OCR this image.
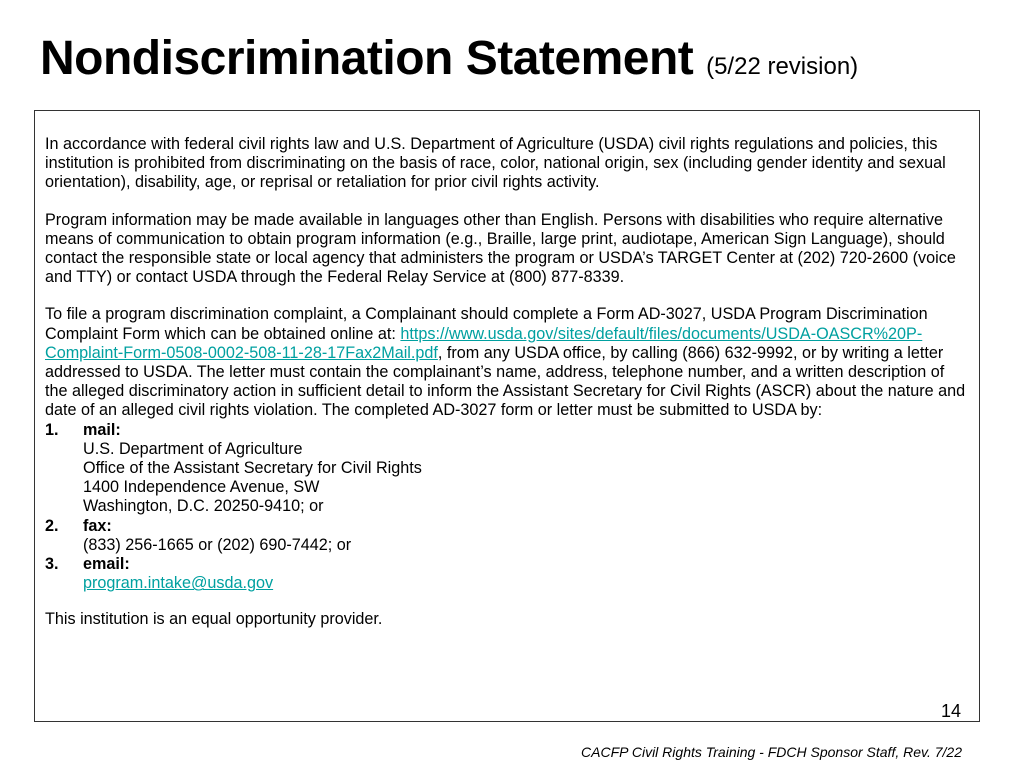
Nondiscrimination Statement (5/22 revision)

In accordance with federal civil rights law and U.S. Department of Agriculture (USDA) civil rights regulations and policies, this institution is prohibited from discriminating on the basis of race, color, national origin, sex (including gender identity and sexual orientation), disability, age, or reprisal or retaliation for prior civil rights activity.

Program information may be made available in languages other than English. Persons with disabilities who require alternative means of communication to obtain program information (e.g., Braille, large print, audiotape, American Sign Language), should contact the responsible state or local agency that administers the program or USDA’s TARGET Center at (202) 720-2600 (voice and TTY) or contact USDA through the Federal Relay Service at (800) 877-8339.

To file a program discrimination complaint, a Complainant should complete a Form AD-3027, USDA Program Discrimination Complaint Form which can be obtained online at: https://www.usda.gov/sites/default/files/documents/USDA-OASCR%20P-Complaint-Form-0508-0002-508-11-28-17Fax2Mail.pdf, from any USDA office, by calling (866) 632-9992, or by writing a letter addressed to USDA. The letter must contain the complainant’s name, address, telephone number, and a written description of the alleged discriminatory action in sufficient detail to inform the Assistant Secretary for Civil Rights (ASCR) about the nature and date of an alleged civil rights violation. The completed AD-3027 form or letter must be submitted to USDA by:

1. mail:
U.S. Department of Agriculture
Office of the Assistant Secretary for Civil Rights
1400 Independence Avenue, SW
Washington, D.C. 20250-9410; or
2. fax:
(833) 256-1665 or (202) 690-7442; or
3. email:
program.intake@usda.gov

This institution is an equal opportunity provider.

14
CACFP Civil Rights Training - FDCH Sponsor Staff, Rev. 7/22
